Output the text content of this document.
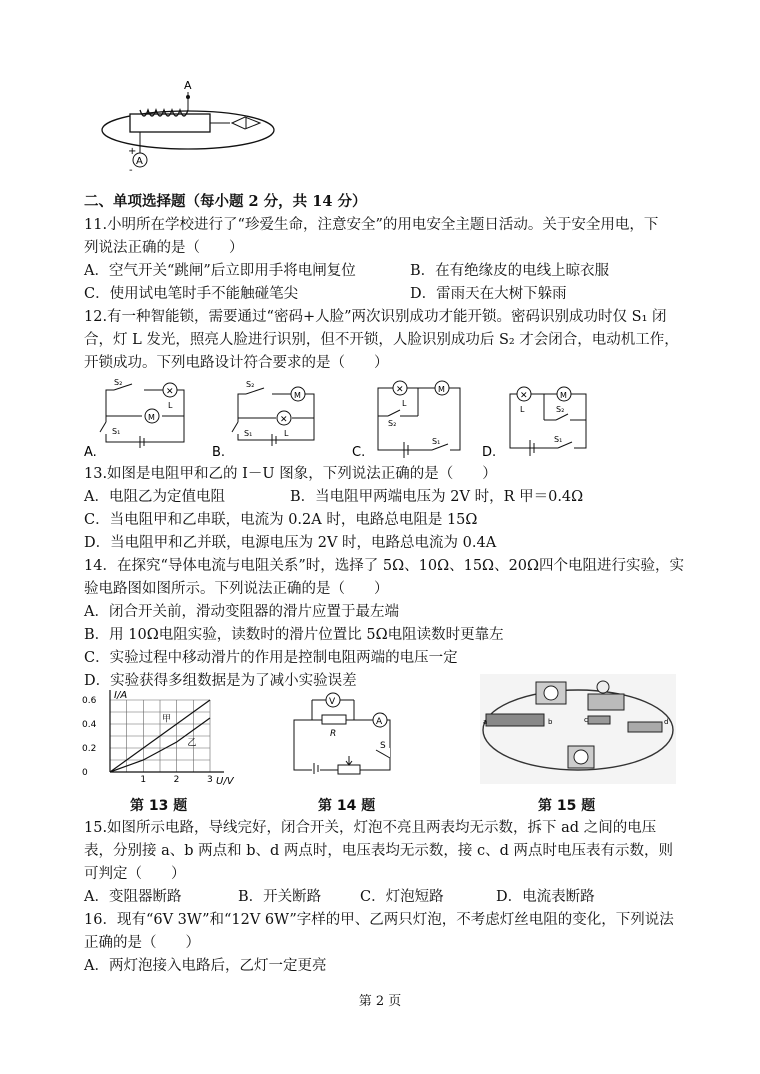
A
A
+
-
二、单项选择题（每小题 2 分，共 14 分）
11.小明所在学校进行了“珍爱生命，注意安全”的用电安全主题日活动。关于安全用电，下
列说法正确的是（　　）
A．空气开关“跳闸”后立即用手将电闸复位	B．在有绝缘皮的电线上晾衣服
C．使用试电笔时手不能触碰笔尖	D．雷雨天在大树下躲雨
12.有一种智能锁，需要通过“密码+人脸”两次识别成功才能开锁。密码识别成功时仅 S₁ 闭
合，灯 L 发光，照亮人脸进行识别，但不开锁，人脸识别成功后 S₂ 才会闭合，电动机工作，
开锁成功。下列电路设计符合要求的是（　　）
A.
S₂
✕
L
M
S₁
B.
S₂
M
✕
L
S₁
C.
✕
L
M
S₂
S₁
D.
✕
L
M
S₂
S₁
13.如图是电阻甲和乙的 I－U 图象，下列说法正确的是（　　）
A．电阻乙为定值电阻	B．当电阻甲两端电压为 2V 时，R 甲＝0.4Ω
C．当电阻甲和乙串联，电流为 0.2A 时，电路总电阻是 15Ω
D．当电阻甲和乙并联，电源电压为 2V 时，电路总电流为 0.4A
14．在探究“导体电流与电阻关系”时，选择了 5Ω、10Ω、15Ω、20Ω四个电阻进行实验，实
验电路图如图所示。下列说法正确的是（　　）
A．闭合开关前，滑动变阻器的滑片应置于最左端
B．用 10Ω电阻实验，读数时的滑片位置比 5Ω电阻读数时更靠左
C．实验过程中移动滑片的作用是控制电阻两端的电压一定
D．实验获得多组数据是为了减小实验误差
甲
乙
1	2	3
0
0.2
0.4
0.6
U/V
I/A
V
R
A
S
a	b	c	d
第 13 题	第 14 题	第 15 题
15.如图所示电路，导线完好，闭合开关，灯泡不亮且两表均无示数，拆下 ad 之间的电压
表，分别接 a、b 两点和 b、d 两点时，电压表均无示数，接 c、d 两点时电压表有示数，则
可判定（　　）
A．变阻器断路	B．开关断路	C．灯泡短路	D．电流表断路
16．现有“6V 3W”和“12V 6W”字样的甲、乙两只灯泡，不考虑灯丝电阻的变化，下列说法
正确的是（　　）
A．两灯泡接入电路后，乙灯一定更亮
第 2 页
